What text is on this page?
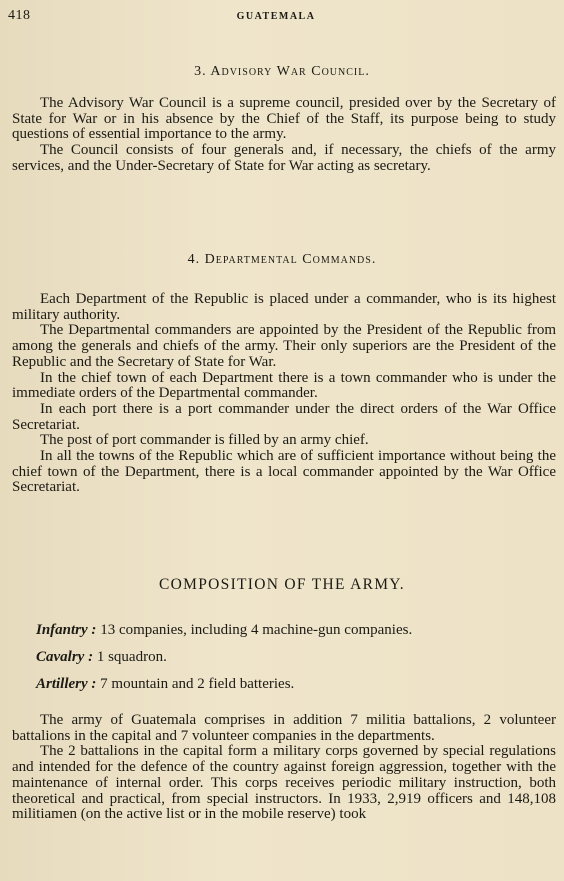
418	GUATEMALA
3. Advisory War Council.

The Advisory War Council is a supreme council, presided over by the Secretary of State for War or in his absence by the Chief of the Staff, its purpose being to study questions of essential importance to the army.

The Council consists of four generals and, if necessary, the chiefs of the army services, and the Under-Secretary of State for War acting as secretary.

4. Departmental Commands.

Each Department of the Republic is placed under a commander, who is its highest military authority.

The Departmental commanders are appointed by the President of the Republic from among the generals and chiefs of the army. Their only superiors are the President of the Republic and the Secretary of State for War.

In the chief town of each Department there is a town commander who is under the immediate orders of the Departmental commander.

In each port there is a port commander under the direct orders of the War Office Secretariat.

The post of port commander is filled by an army chief.

In all the towns of the Republic which are of sufficient importance without being the chief town of the Department, there is a local commander appointed by the War Office Secretariat.

COMPOSITION OF THE ARMY.
Infantry : 13 companies, including 4 machine-gun companies.
Cavalry : 1 squadron.
Artillery : 7 mountain and 2 field batteries.

The army of Guatemala comprises in addition 7 militia battalions, 2 volunteer battalions in the capital and 7 volunteer companies in the departments.

The 2 battalions in the capital form a military corps governed by special regulations and intended for the defence of the country against foreign aggression, together with the maintenance of internal order. This corps receives periodic military instruction, both theoretical and practical, from special instructors. In 1933, 2,919 officers and 148,108 militiamen (on the active list or in the mobile reserve) took
